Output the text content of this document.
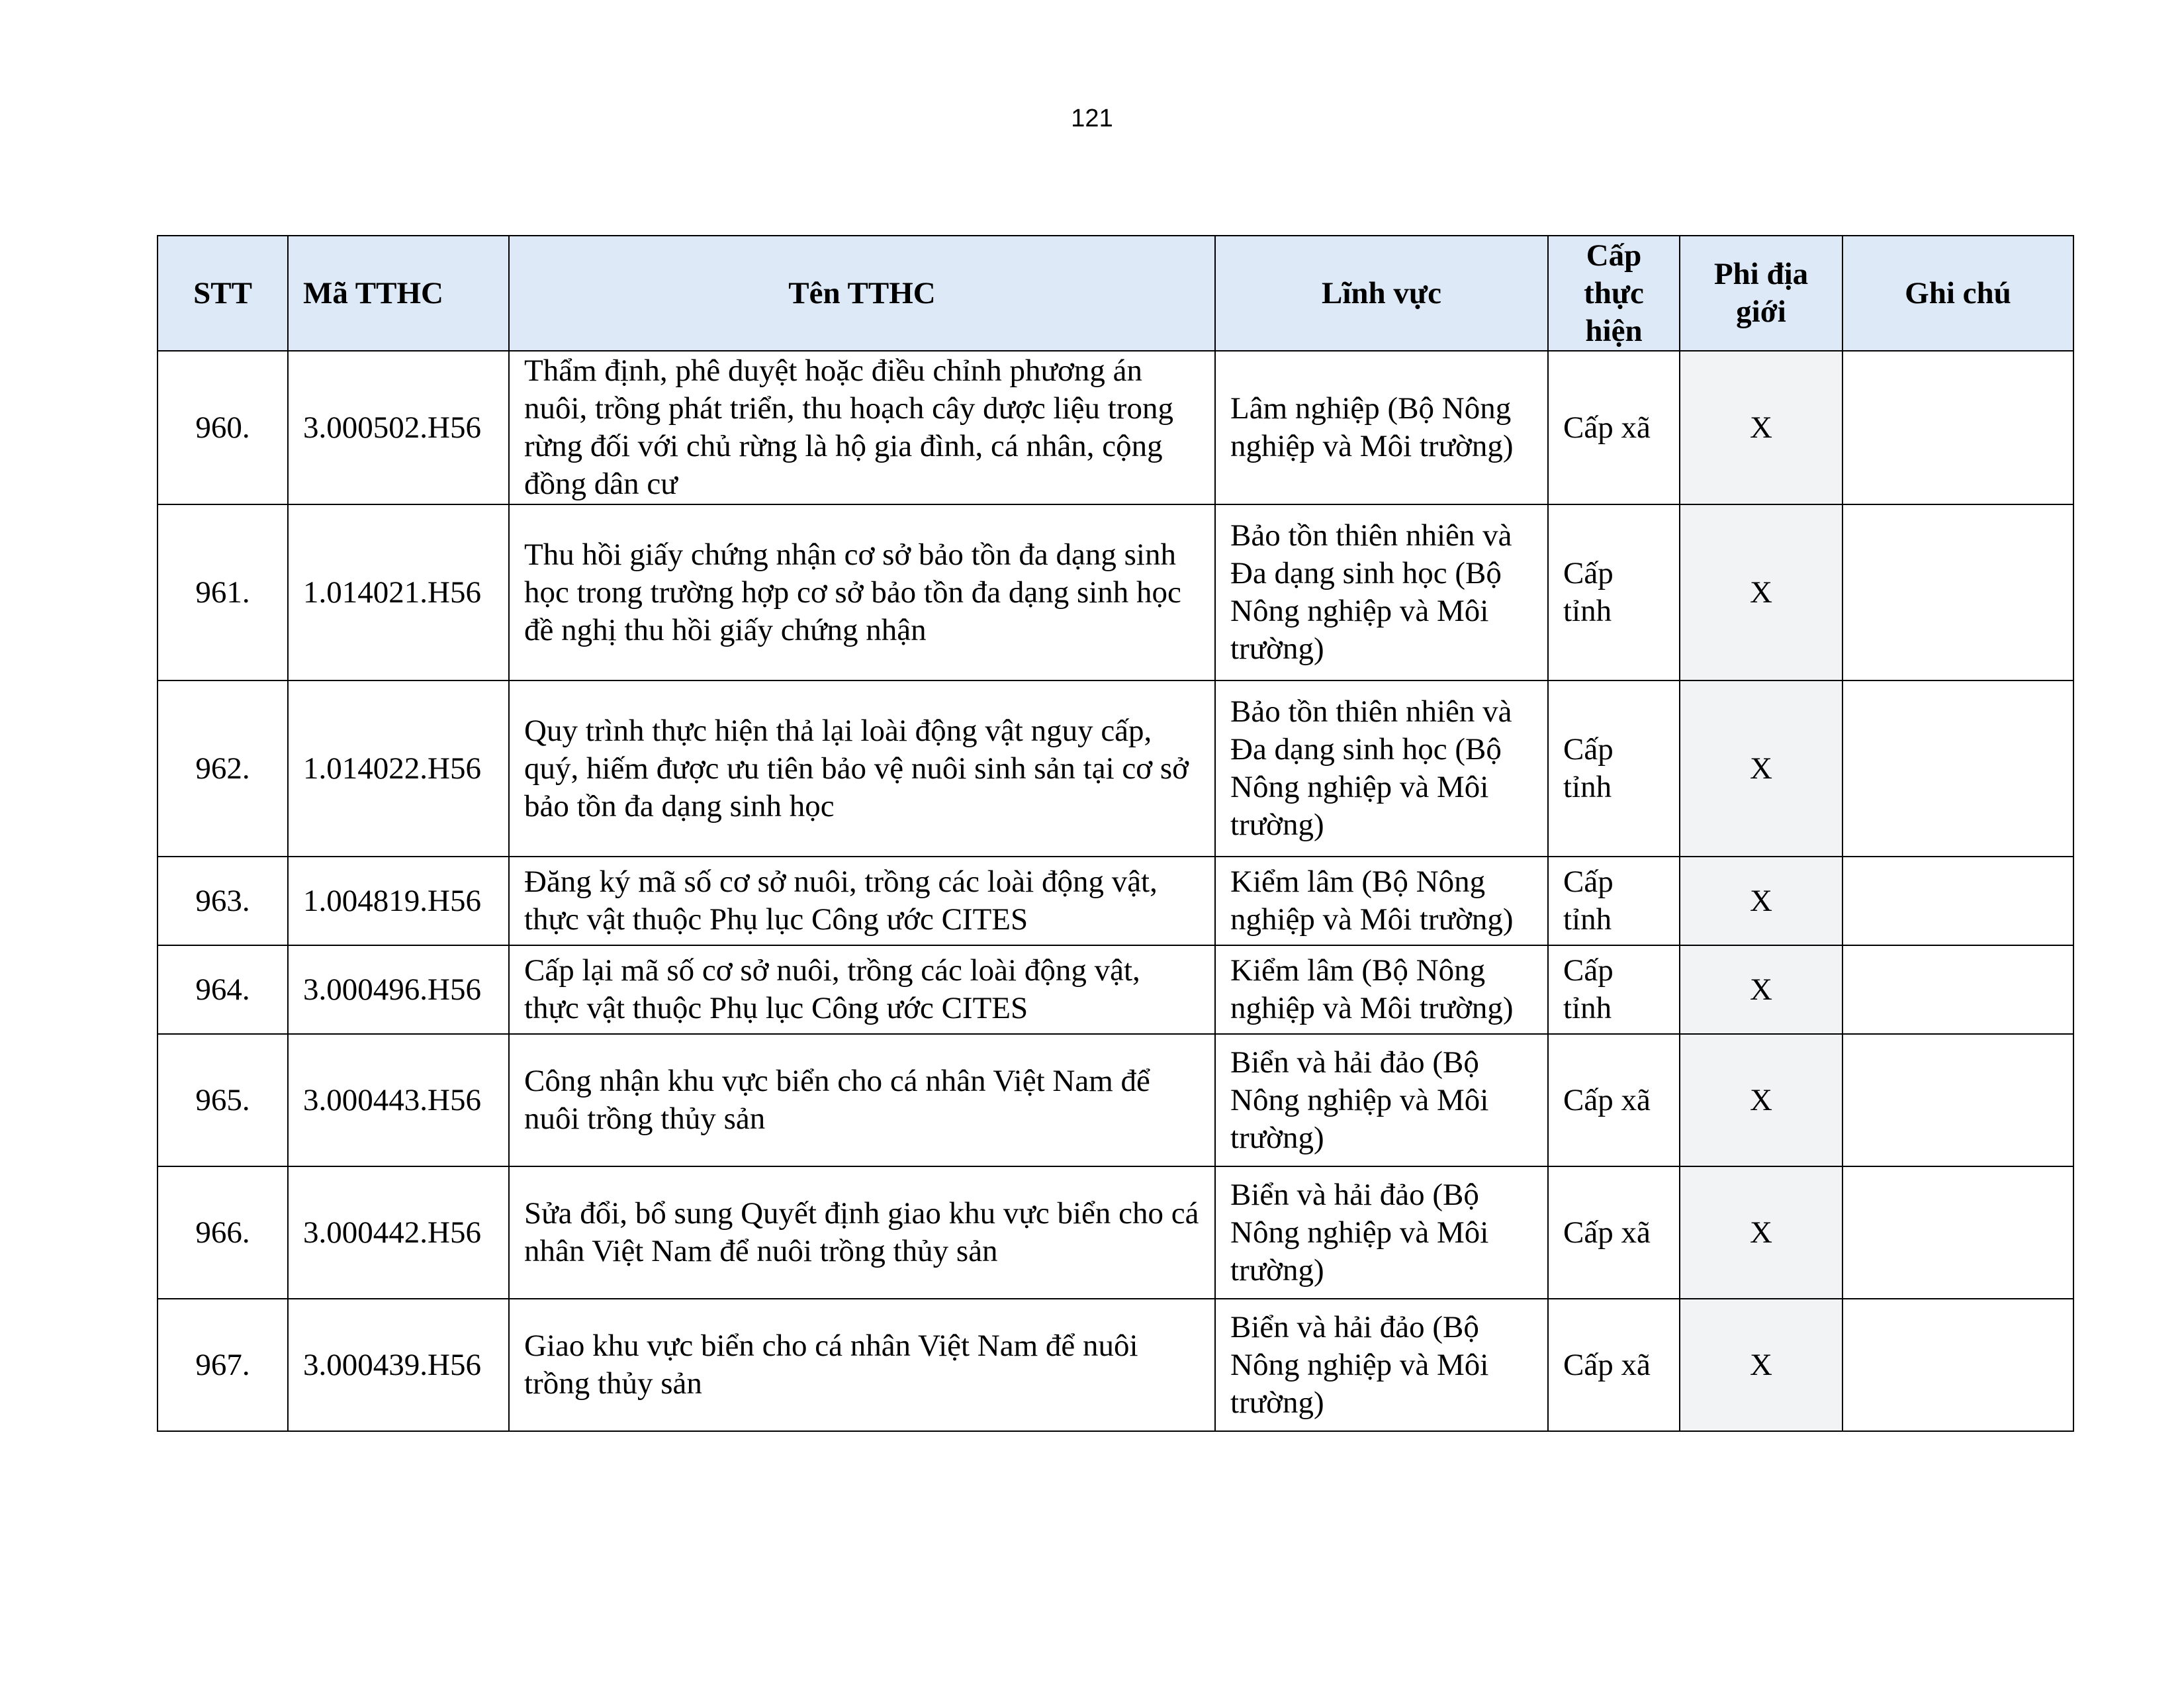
121
STT	Mã TTHC	Tên TTHC	Lĩnh vực	Cấp thực hiện	Phi địa giới	Ghi chú
960.	3.000502.H56	Thẩm định, phê duyệt hoặc điều chỉnh phương án nuôi, trồng phát triển, thu hoạch cây dược liệu trong rừng đối với chủ rừng là hộ gia đình, cá nhân, cộng đồng dân cư	Lâm nghiệp (Bộ Nông nghiệp và Môi trường)	Cấp xã	X	
961.	1.014021.H56	Thu hồi giấy chứng nhận cơ sở bảo tồn đa dạng sinh học trong trường hợp cơ sở bảo tồn đa dạng sinh học đề nghị thu hồi giấy chứng nhận	Bảo tồn thiên nhiên và Đa dạng sinh học (Bộ Nông nghiệp và Môi trường)	Cấp tỉnh	X	
962.	1.014022.H56	Quy trình thực hiện thả lại loài động vật nguy cấp, quý, hiếm được ưu tiên bảo vệ nuôi sinh sản tại cơ sở bảo tồn đa dạng sinh học	Bảo tồn thiên nhiên và Đa dạng sinh học (Bộ Nông nghiệp và Môi trường)	Cấp tỉnh	X	
963.	1.004819.H56	Đăng ký mã số cơ sở nuôi, trồng các loài động vật, thực vật thuộc Phụ lục Công ước CITES	Kiểm lâm (Bộ Nông nghiệp và Môi trường)	Cấp tỉnh	X	
964.	3.000496.H56	Cấp lại mã số cơ sở nuôi, trồng các loài động vật, thực vật thuộc Phụ lục Công ước CITES	Kiểm lâm (Bộ Nông nghiệp và Môi trường)	Cấp tỉnh	X	
965.	3.000443.H56	Công nhận khu vực biển cho cá nhân Việt Nam để nuôi trồng thủy sản	Biển và hải đảo (Bộ Nông nghiệp và Môi trường)	Cấp xã	X	
966.	3.000442.H56	Sửa đổi, bổ sung Quyết định giao khu vực biển cho cá nhân Việt Nam để nuôi trồng thủy sản	Biển và hải đảo (Bộ Nông nghiệp và Môi trường)	Cấp xã	X	
967.	3.000439.H56	Giao khu vực biển cho cá nhân Việt Nam để nuôi trồng thủy sản	Biển và hải đảo (Bộ Nông nghiệp và Môi trường)	Cấp xã	X	
